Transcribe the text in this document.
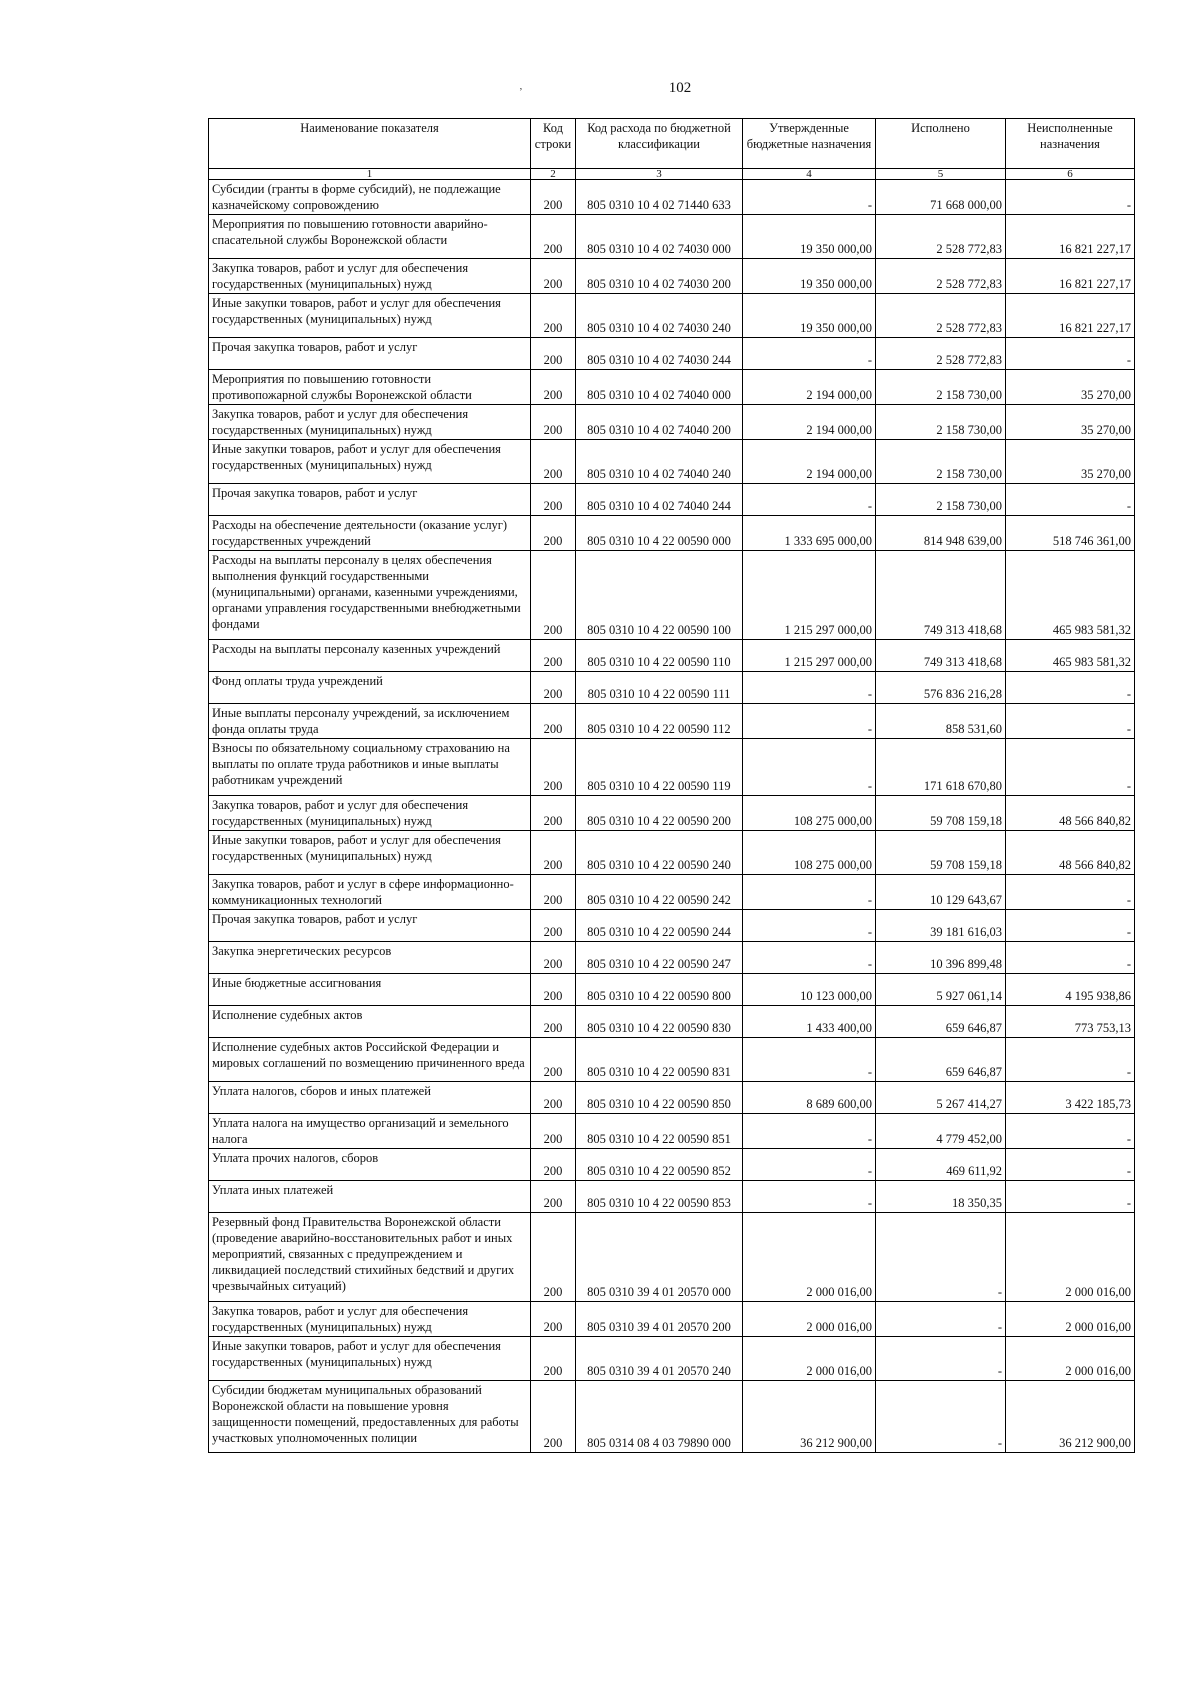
102
ʼ
Наименование показателя	Код строки	Код расхода по бюджетной классификации	Утвержденные бюджетные назначения	Исполнено	Неисполненные назначения
1	2	3	4	5	6
Субсидии (гранты в форме субсидий), не подлежащие казначейскому сопровождению	200	805 0310 10 4 02 71440 633	-	71 668 000,00	-
Мероприятия по повышению готовности аварийно-спасательной службы Воронежской области	200	805 0310 10 4 02 74030 000	19 350 000,00	2 528 772,83	16 821 227,17
Закупка товаров, работ и услуг для обеспечения государственных (муниципальных) нужд	200	805 0310 10 4 02 74030 200	19 350 000,00	2 528 772,83	16 821 227,17
Иные закупки товаров, работ и услуг для обеспечения государственных (муниципальных) нужд	200	805 0310 10 4 02 74030 240	19 350 000,00	2 528 772,83	16 821 227,17
Прочая закупка товаров, работ и услуг	200	805 0310 10 4 02 74030 244	-	2 528 772,83	-
Мероприятия по повышению готовности противопожарной службы Воронежской области	200	805 0310 10 4 02 74040 000	2 194 000,00	2 158 730,00	35 270,00
Закупка товаров, работ и услуг для обеспечения государственных (муниципальных) нужд	200	805 0310 10 4 02 74040 200	2 194 000,00	2 158 730,00	35 270,00
Иные закупки товаров, работ и услуг для обеспечения государственных (муниципальных) нужд	200	805 0310 10 4 02 74040 240	2 194 000,00	2 158 730,00	35 270,00
Прочая закупка товаров, работ и услуг	200	805 0310 10 4 02 74040 244	-	2 158 730,00	-
Расходы на обеспечение деятельности (оказание услуг) государственных учреждений	200	805 0310 10 4 22 00590 000	1 333 695 000,00	814 948 639,00	518 746 361,00
Расходы на выплаты персоналу в целях обеспечения выполнения функций государственными (муниципальными) органами, казенными учреждениями, органами управления государственными внебюджетными фондами	200	805 0310 10 4 22 00590 100	1 215 297 000,00	749 313 418,68	465 983 581,32
Расходы на выплаты персоналу казенных учреждений	200	805 0310 10 4 22 00590 110	1 215 297 000,00	749 313 418,68	465 983 581,32
Фонд оплаты труда учреждений	200	805 0310 10 4 22 00590 111	-	576 836 216,28	-
Иные выплаты персоналу учреждений, за исключением фонда оплаты труда	200	805 0310 10 4 22 00590 112	-	858 531,60	-
Взносы по обязательному социальному страхованию на выплаты по оплате труда работников и иные выплаты работникам учреждений	200	805 0310 10 4 22 00590 119	-	171 618 670,80	-
Закупка товаров, работ и услуг для обеспечения государственных (муниципальных) нужд	200	805 0310 10 4 22 00590 200	108 275 000,00	59 708 159,18	48 566 840,82
Иные закупки товаров, работ и услуг для обеспечения государственных (муниципальных) нужд	200	805 0310 10 4 22 00590 240	108 275 000,00	59 708 159,18	48 566 840,82
Закупка товаров, работ и услуг в сфере информационно-коммуникационных технологий	200	805 0310 10 4 22 00590 242	-	10 129 643,67	-
Прочая закупка товаров, работ и услуг	200	805 0310 10 4 22 00590 244	-	39 181 616,03	-
Закупка энергетических ресурсов	200	805 0310 10 4 22 00590 247	-	10 396 899,48	-
Иные бюджетные ассигнования	200	805 0310 10 4 22 00590 800	10 123 000,00	5 927 061,14	4 195 938,86
Исполнение судебных актов	200	805 0310 10 4 22 00590 830	1 433 400,00	659 646,87	773 753,13
Исполнение судебных актов Российской Федерации и мировых соглашений по возмещению причиненного вреда	200	805 0310 10 4 22 00590 831	-	659 646,87	-
Уплата налогов, сборов и иных платежей	200	805 0310 10 4 22 00590 850	8 689 600,00	5 267 414,27	3 422 185,73
Уплата налога на имущество организаций и земельного налога	200	805 0310 10 4 22 00590 851	-	4 779 452,00	-
Уплата прочих налогов, сборов	200	805 0310 10 4 22 00590 852	-	469 611,92	-
Уплата иных платежей	200	805 0310 10 4 22 00590 853	-	18 350,35	-
Резервный фонд Правительства Воронежской области (проведение аварийно-восстановительных работ и иных мероприятий, связанных с предупреждением и ликвидацией последствий стихийных бедствий и других чрезвычайных ситуаций)	200	805 0310 39 4 01 20570 000	2 000 016,00	-	2 000 016,00
Закупка товаров, работ и услуг для обеспечения государственных (муниципальных) нужд	200	805 0310 39 4 01 20570 200	2 000 016,00	-	2 000 016,00
Иные закупки товаров, работ и услуг для обеспечения государственных (муниципальных) нужд	200	805 0310 39 4 01 20570 240	2 000 016,00	-	2 000 016,00
Субсидии бюджетам муниципальных образований Воронежской области на повышение уровня защищенности помещений, предоставленных для работы участковых уполномоченных полиции	200	805 0314 08 4 03 79890 000	36 212 900,00	-	36 212 900,00
